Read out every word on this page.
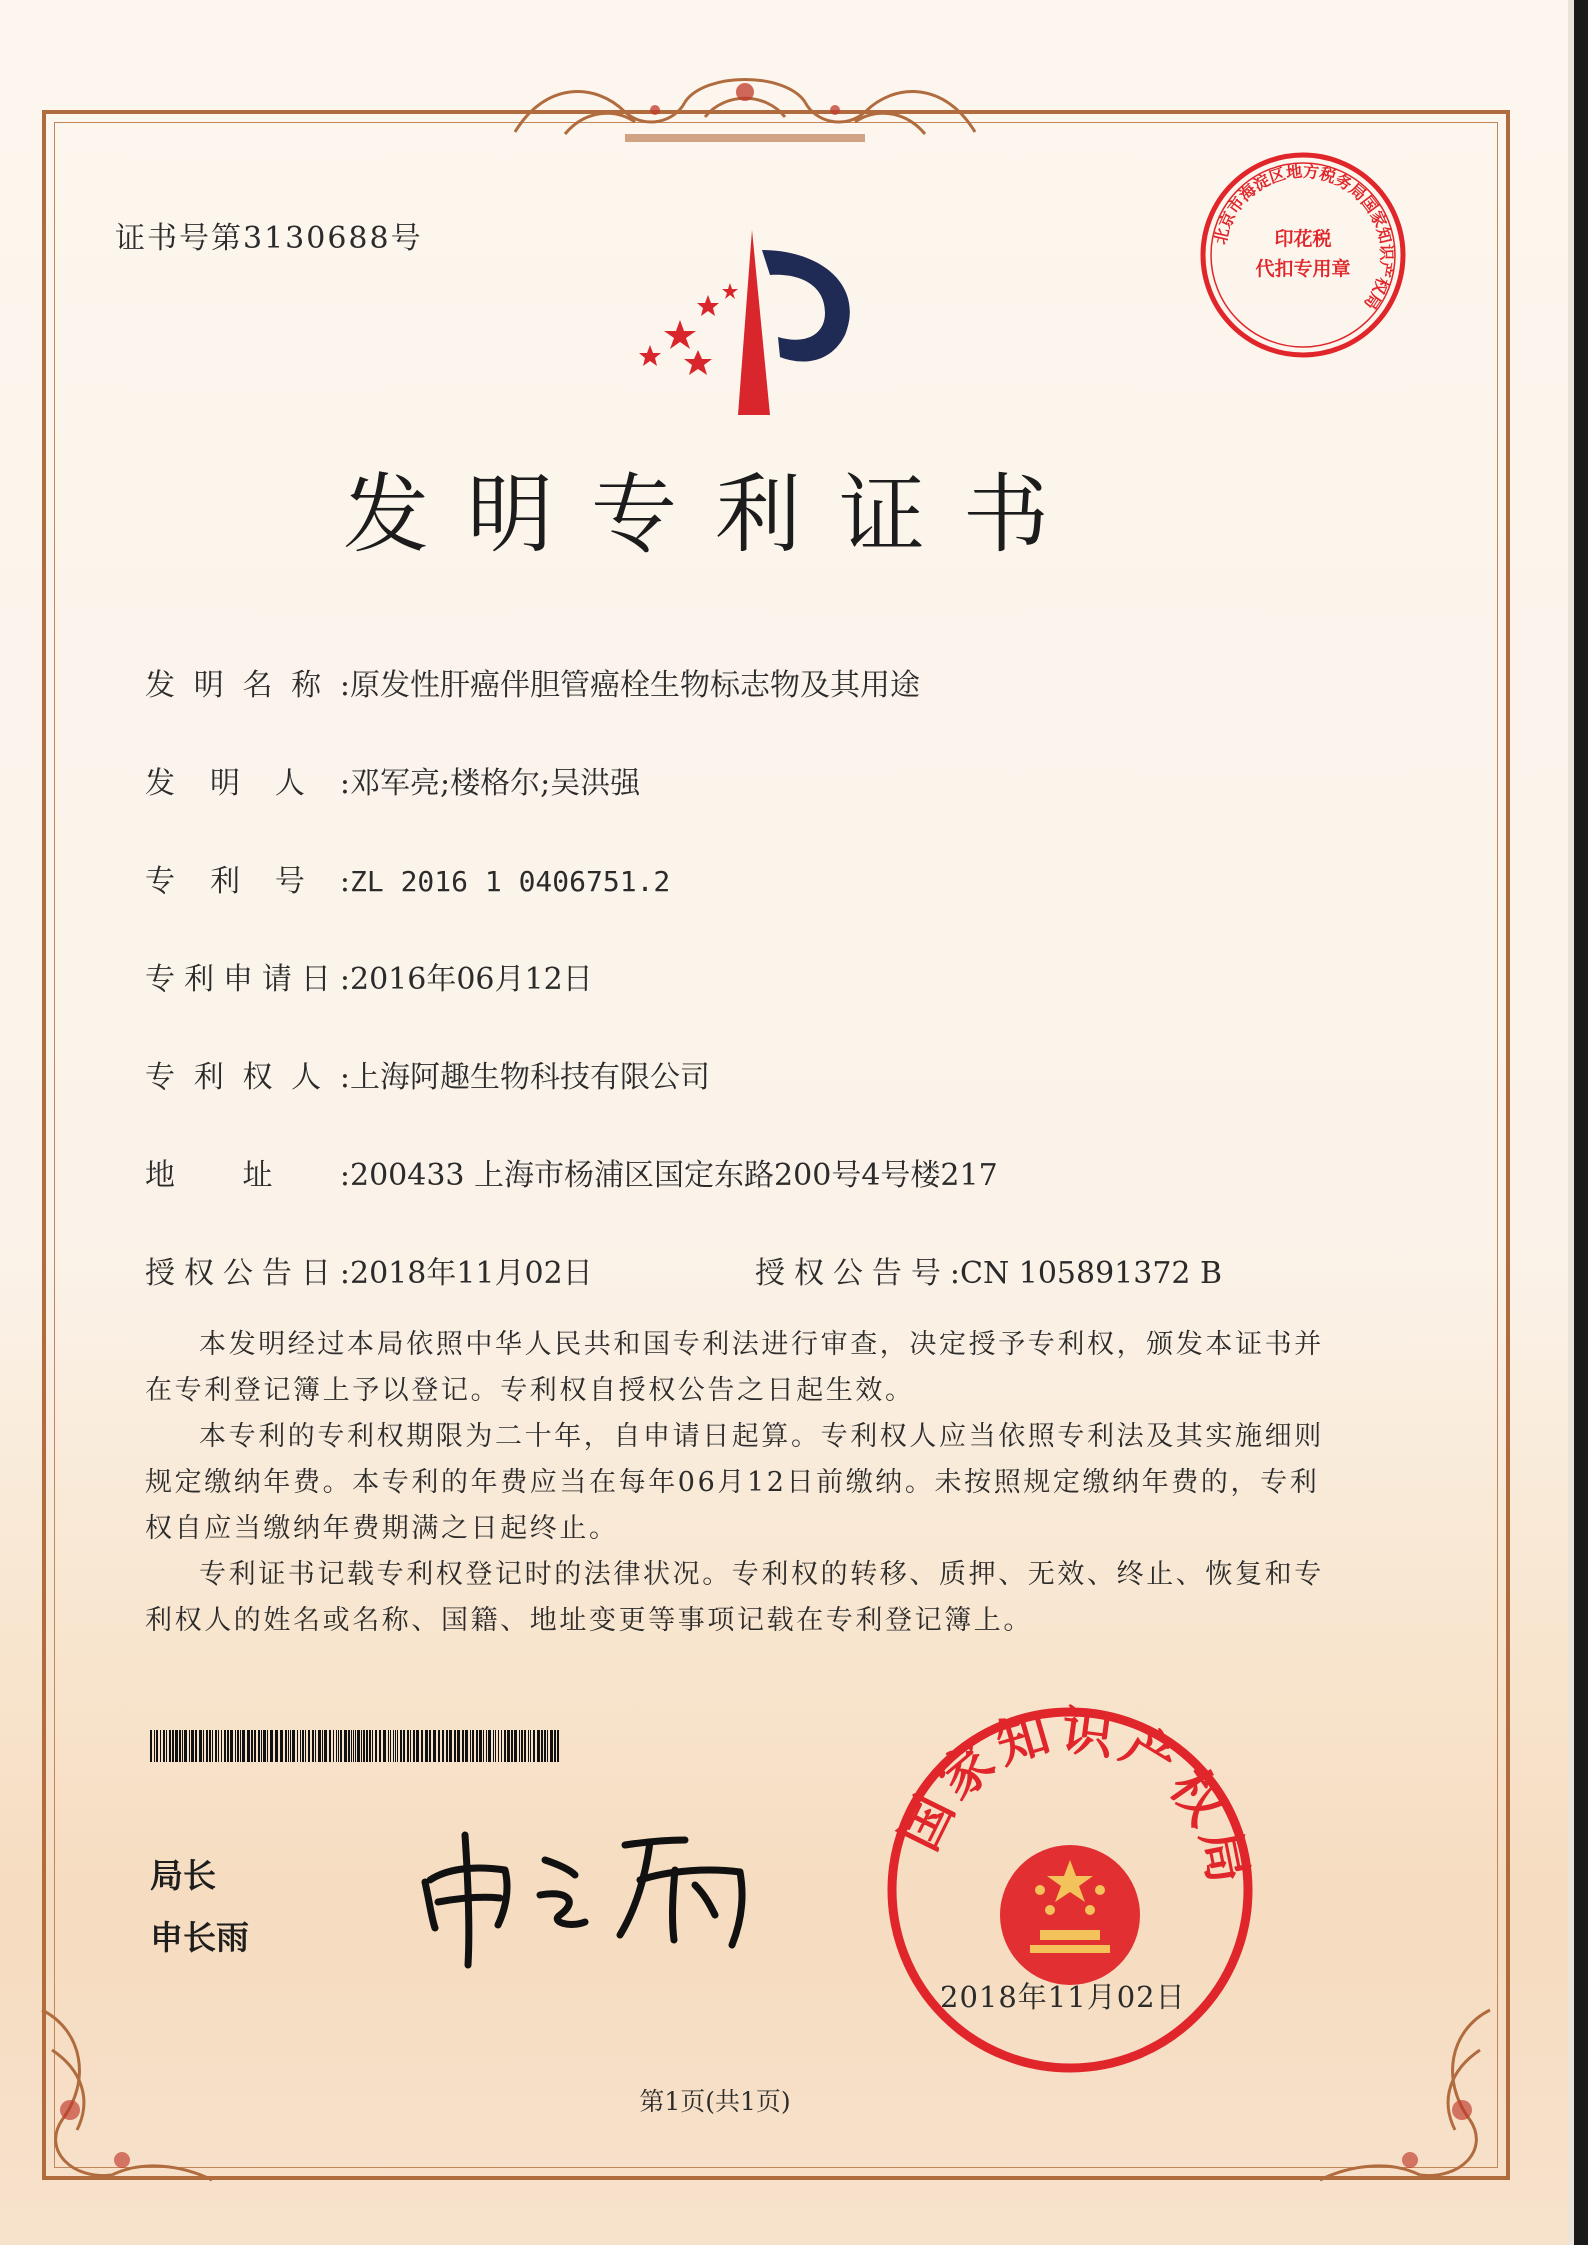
证书号第3130688号	北京市海淀区地方税务局国家知识产权局
印花税
代扣专用章
发明专利证书
发明名称:原发性肝癌伴胆管癌栓生物标志物及其用途
发明人:邓军亮;楼格尔;吴洪强
专利号:ZL 2016 1 0406751.2
专利申请日:2016年06月12日
专利权人:上海阿趣生物科技有限公司
地址:200433 上海市杨浦区国定东路200号4号楼217
授权公告日:2018年11月02日	授权公告号:CN 105891372 B

本发明经过本局依照中华人民共和国专利法进行审查，决定授予专利权，颁发本证书并在专利登记簿上予以登记。专利权自授权公告之日起生效。

本专利的专利权期限为二十年，自申请日起算。专利权人应当依照专利法及其实施细则规定缴纳年费。本专利的年费应当在每年06月12日前缴纳。未按照规定缴纳年费的，专利权自应当缴纳年费期满之日起终止。

专利证书记载专利权登记时的法律状况。专利权的转移、质押、无效、终止、恢复和专利权人的姓名或名称、国籍、地址变更等事项记载在专利登记簿上。

局长
申长雨
国家知识产权局
2018年11月02日
第1页(共1页)
